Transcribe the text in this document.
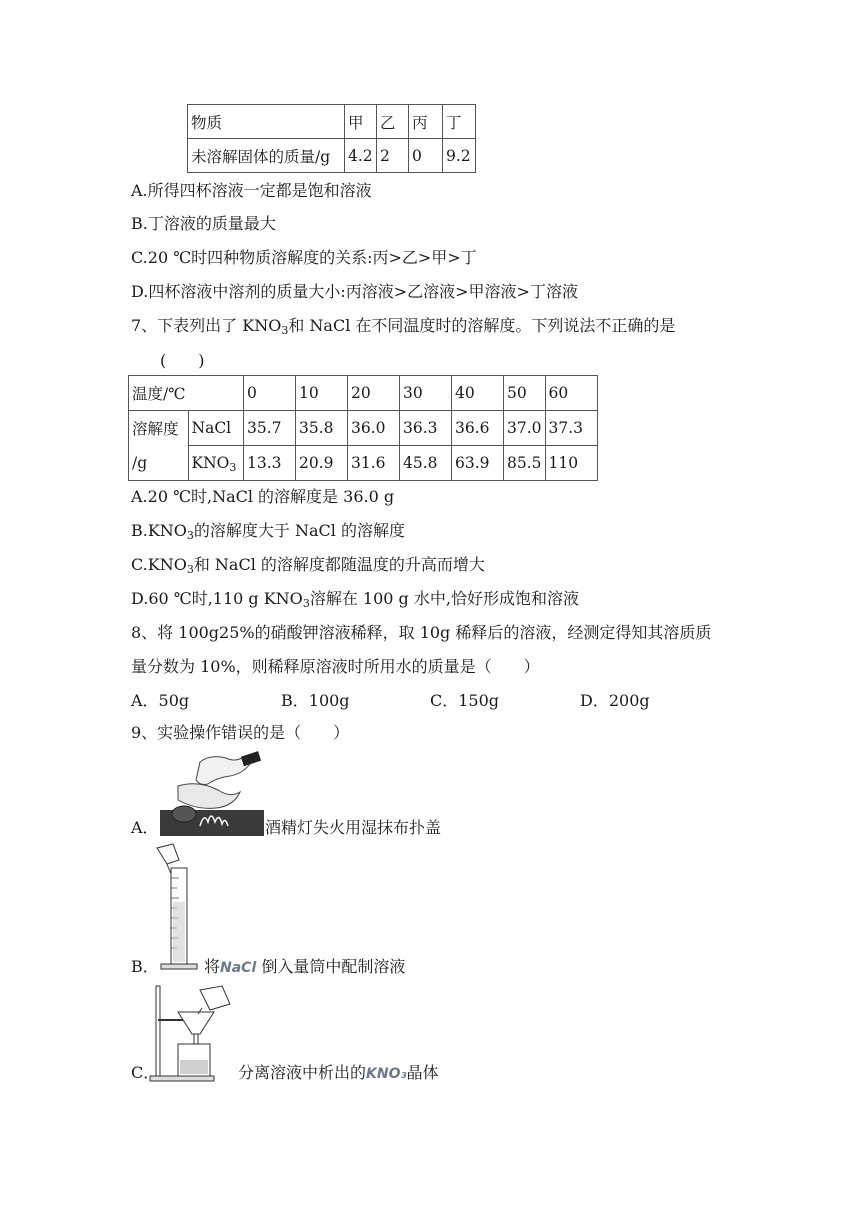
物质	甲	乙	丙	丁
未溶解固体的质量/g	4.2	2	0	9.2
A.所得四杯溶液一定都是饱和溶液
B.丁溶液的质量最大
C.20 ℃时四种物质溶解度的关系:丙>乙>甲>丁
D.四杯溶液中溶剂的质量大小:丙溶液>乙溶液>甲溶液>丁溶液
7、下表列出了 $KNO_3$和 NaCl 在不同温度时的溶解度。下列说法不正确的是
(　　)
温度/℃		0	10	20	30	40	50	60
溶解度	NaCl	35.7	35.8	36.0	36.3	36.6	37.0	37.3
/g	$KNO_3$	13.3	20.9	31.6	45.8	63.9	85.5	110
A.20 ℃时,NaCl 的溶解度是 36.0 g
$B.KNO_3$的溶解度大于 NaCl 的溶解度
$C.KNO_3$和 NaCl 的溶解度都随温度的升高而增大
D.60 ℃时,110 g $KNO_3$溶解在 100 g 水中,恰好形成饱和溶液
8、将 100g25%的硝酸钾溶液稀释，取 10g 稀释后的溶液，经测定得知其溶质质
量分数为 10%，则稀释原溶液时所用水的质量是（　　）
A．50g	B．100g	C．150g	D．200g
9、实验操作错误的是（　　）
A．	酒精灯失火用湿抹布扑盖
B．	将NaCl 倒入量筒中配制溶液
C．	分离溶液中析出的KNO₃晶体
